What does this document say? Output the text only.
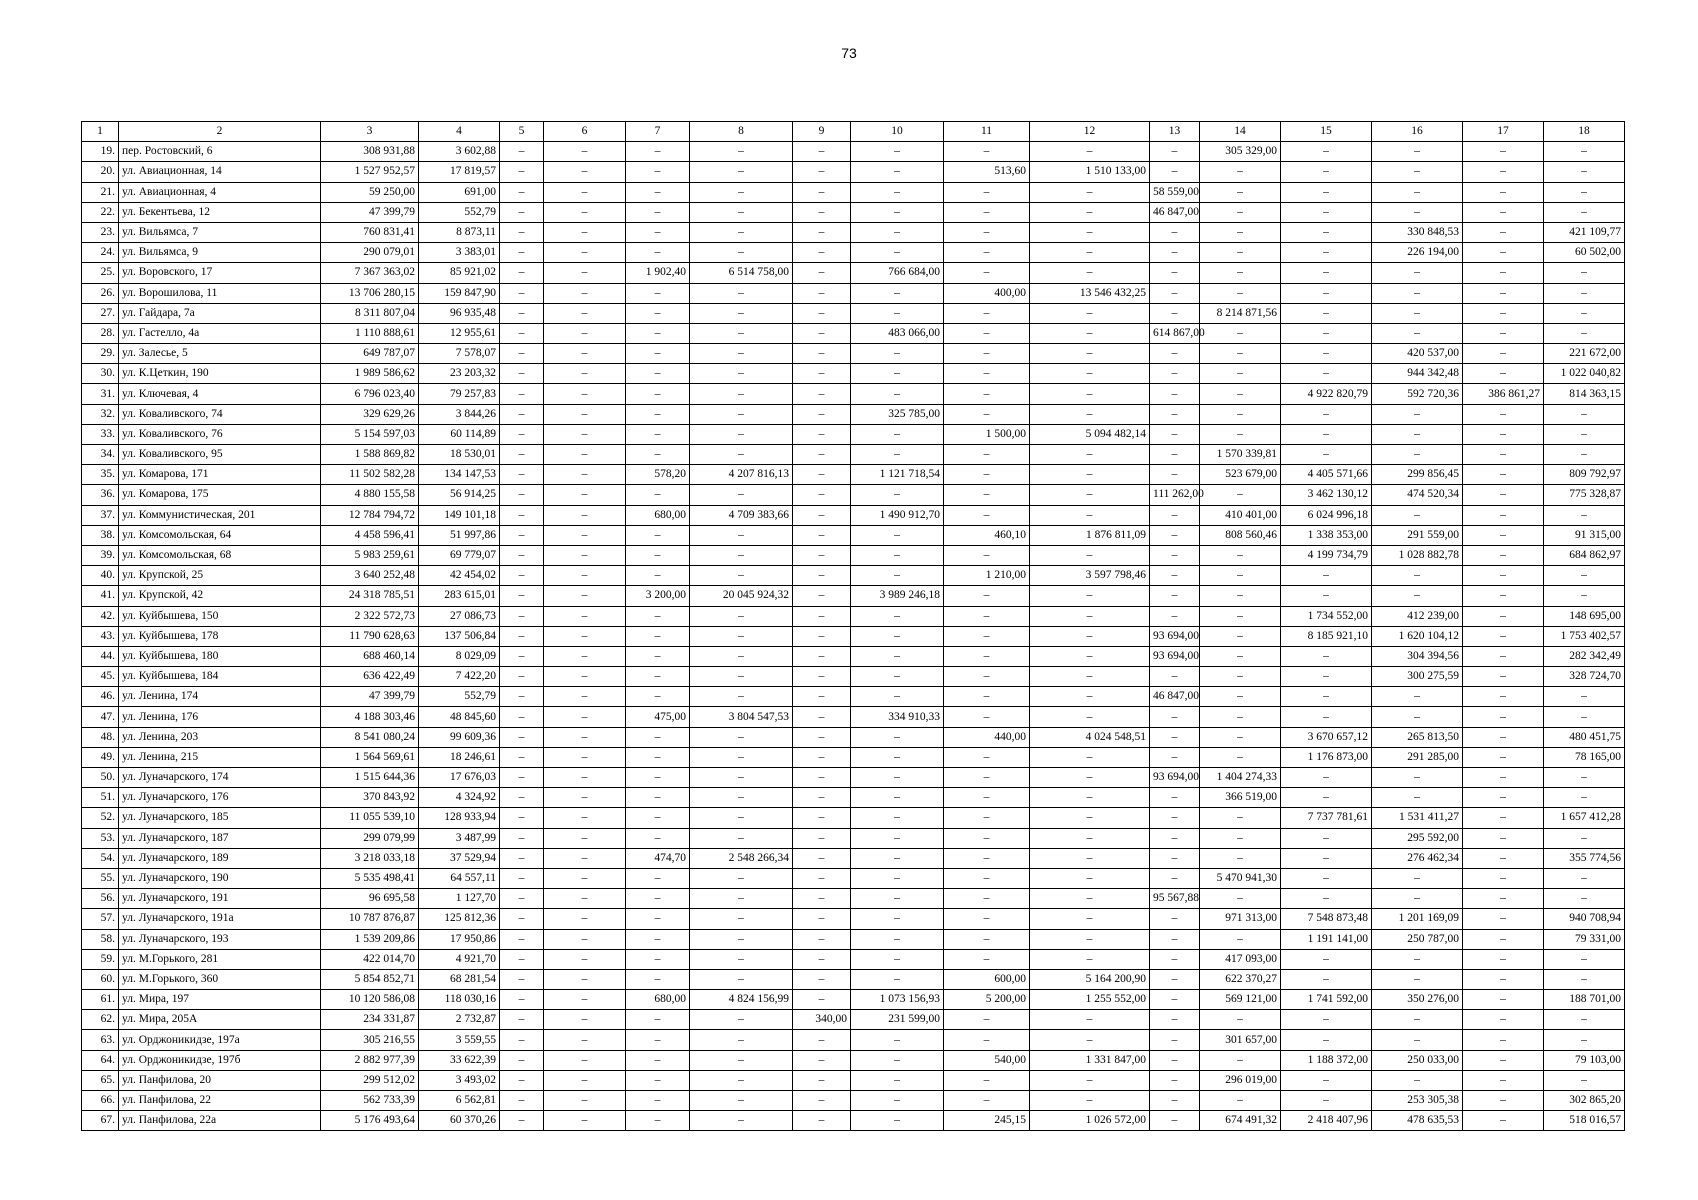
73
1	2	3	4	5	6	7	8	9	10	11	12	13	14	15	16	17	18
19.	пер. Ростовский, 6	308 931,88	3 602,88	–	–	–	–	–	–	–	–	–	305 329,00	–	–	–	–
20.	ул. Авиационная, 14	1 527 952,57	17 819,57	–	–	–	–	–	–	513,60	1 510 133,00	–	–	–	–	–	–
21.	ул. Авиационная, 4	59 250,00	691,00	–	–	–	–	–	–	–	–	58 559,00	–	–	–	–	–
22.	ул. Бекентьева, 12	47 399,79	552,79	–	–	–	–	–	–	–	–	46 847,00	–	–	–	–	–
23.	ул. Вильямса, 7	760 831,41	8 873,11	–	–	–	–	–	–	–	–	–	–	–	330 848,53	–	421 109,77
24.	ул. Вильямса, 9	290 079,01	3 383,01	–	–	–	–	–	–	–	–	–	–	–	226 194,00	–	60 502,00
25.	ул. Воровского, 17	7 367 363,02	85 921,02	–	–	1 902,40	6 514 758,00	–	766 684,00	–	–	–	–	–	–	–	–
26.	ул. Ворошилова, 11	13 706 280,15	159 847,90	–	–	–	–	–	–	400,00	13 546 432,25	–	–	–	–	–	–
27.	ул. Гайдара, 7а	8 311 807,04	96 935,48	–	–	–	–	–	–	–	–	–	8 214 871,56	–	–	–	–
28.	ул. Гастелло, 4а	1 110 888,61	12 955,61	–	–	–	–	–	483 066,00	–	–	614 867,00	–	–	–	–	–
29.	ул. Залесье, 5	649 787,07	7 578,07	–	–	–	–	–	–	–	–	–	–	–	420 537,00	–	221 672,00
30.	ул. К.Цеткин, 190	1 989 586,62	23 203,32	–	–	–	–	–	–	–	–	–	–	–	944 342,48	–	1 022 040,82
31.	ул. Ключевая, 4	6 796 023,40	79 257,83	–	–	–	–	–	–	–	–	–	–	4 922 820,79	592 720,36	386 861,27	814 363,15
32.	ул. Коваливского, 74	329 629,26	3 844,26	–	–	–	–	–	325 785,00	–	–	–	–	–	–	–	–
33.	ул. Коваливского, 76	5 154 597,03	60 114,89	–	–	–	–	–	–	1 500,00	5 094 482,14	–	–	–	–	–	–
34.	ул. Коваливского, 95	1 588 869,82	18 530,01	–	–	–	–	–	–	–	–	–	1 570 339,81	–	–	–	–
35.	ул. Комарова, 171	11 502 582,28	134 147,53	–	–	578,20	4 207 816,13	–	1 121 718,54	–	–	–	523 679,00	4 405 571,66	299 856,45	–	809 792,97
36.	ул. Комарова, 175	4 880 155,58	56 914,25	–	–	–	–	–	–	–	–	111 262,00	–	3 462 130,12	474 520,34	–	775 328,87
37.	ул. Коммунистическая, 201	12 784 794,72	149 101,18	–	–	680,00	4 709 383,66	–	1 490 912,70	–	–	–	410 401,00	6 024 996,18	–	–	–
38.	ул. Комсомольская, 64	4 458 596,41	51 997,86	–	–	–	–	–	–	460,10	1 876 811,09	–	808 560,46	1 338 353,00	291 559,00	–	91 315,00
39.	ул. Комсомольская, 68	5 983 259,61	69 779,07	–	–	–	–	–	–	–	–	–	–	4 199 734,79	1 028 882,78	–	684 862,97
40.	ул. Крупской, 25	3 640 252,48	42 454,02	–	–	–	–	–	–	1 210,00	3 597 798,46	–	–	–	–	–	–
41.	ул. Крупской, 42	24 318 785,51	283 615,01	–	–	3 200,00	20 045 924,32	–	3 989 246,18	–	–	–	–	–	–	–	–
42.	ул. Куйбышева, 150	2 322 572,73	27 086,73	–	–	–	–	–	–	–	–	–	–	1 734 552,00	412 239,00	–	148 695,00
43.	ул. Куйбышева, 178	11 790 628,63	137 506,84	–	–	–	–	–	–	–	–	93 694,00	–	8 185 921,10	1 620 104,12	–	1 753 402,57
44.	ул. Куйбышева, 180	688 460,14	8 029,09	–	–	–	–	–	–	–	–	93 694,00	–	–	304 394,56	–	282 342,49
45.	ул. Куйбышева, 184	636 422,49	7 422,20	–	–	–	–	–	–	–	–	–	–	–	300 275,59	–	328 724,70
46.	ул. Ленина, 174	47 399,79	552,79	–	–	–	–	–	–	–	–	46 847,00	–	–	–	–	–
47.	ул. Ленина, 176	4 188 303,46	48 845,60	–	–	475,00	3 804 547,53	–	334 910,33	–	–	–	–	–	–	–	–
48.	ул. Ленина, 203	8 541 080,24	99 609,36	–	–	–	–	–	–	440,00	4 024 548,51	–	–	3 670 657,12	265 813,50	–	480 451,75
49.	ул. Ленина, 215	1 564 569,61	18 246,61	–	–	–	–	–	–	–	–	–	–	1 176 873,00	291 285,00	–	78 165,00
50.	ул. Луначарского, 174	1 515 644,36	17 676,03	–	–	–	–	–	–	–	–	93 694,00	1 404 274,33	–	–	–	–
51.	ул. Луначарского, 176	370 843,92	4 324,92	–	–	–	–	–	–	–	–	–	366 519,00	–	–	–	–
52.	ул. Луначарского, 185	11 055 539,10	128 933,94	–	–	–	–	–	–	–	–	–	–	7 737 781,61	1 531 411,27	–	1 657 412,28
53.	ул. Луначарского, 187	299 079,99	3 487,99	–	–	–	–	–	–	–	–	–	–	–	295 592,00	–	–
54.	ул. Луначарского, 189	3 218 033,18	37 529,94	–	–	474,70	2 548 266,34	–	–	–	–	–	–	–	276 462,34	–	355 774,56
55.	ул. Луначарского, 190	5 535 498,41	64 557,11	–	–	–	–	–	–	–	–	–	5 470 941,30	–	–	–	–
56.	ул. Луначарского, 191	96 695,58	1 127,70	–	–	–	–	–	–	–	–	95 567,88	–	–	–	–	–
57.	ул. Луначарского, 191а	10 787 876,87	125 812,36	–	–	–	–	–	–	–	–	–	971 313,00	7 548 873,48	1 201 169,09	–	940 708,94
58.	ул. Луначарского, 193	1 539 209,86	17 950,86	–	–	–	–	–	–	–	–	–	–	1 191 141,00	250 787,00	–	79 331,00
59.	ул. М.Горького, 281	422 014,70	4 921,70	–	–	–	–	–	–	–	–	–	417 093,00	–	–	–	–
60.	ул. М.Горького, 360	5 854 852,71	68 281,54	–	–	–	–	–	–	600,00	5 164 200,90	–	622 370,27	–	–	–	–
61.	ул. Мира, 197	10 120 586,08	118 030,16	–	–	680,00	4 824 156,99	–	1 073 156,93	5 200,00	1 255 552,00	–	569 121,00	1 741 592,00	350 276,00	–	188 701,00
62.	ул. Мира, 205А	234 331,87	2 732,87	–	–	–	–	340,00	231 599,00	–	–	–	–	–	–	–	–
63.	ул. Орджоникидзе, 197а	305 216,55	3 559,55	–	–	–	–	–	–	–	–	–	301 657,00	–	–	–	–
64.	ул. Орджоникидзе, 197б	2 882 977,39	33 622,39	–	–	–	–	–	–	540,00	1 331 847,00	–	–	1 188 372,00	250 033,00	–	79 103,00
65.	ул. Панфилова, 20	299 512,02	3 493,02	–	–	–	–	–	–	–	–	–	296 019,00	–	–	–	–
66.	ул. Панфилова, 22	562 733,39	6 562,81	–	–	–	–	–	–	–	–	–	–	–	253 305,38	–	302 865,20
67.	ул. Панфилова, 22а	5 176 493,64	60 370,26	–	–	–	–	–	–	245,15	1 026 572,00	–	674 491,32	2 418 407,96	478 635,53	–	518 016,57
